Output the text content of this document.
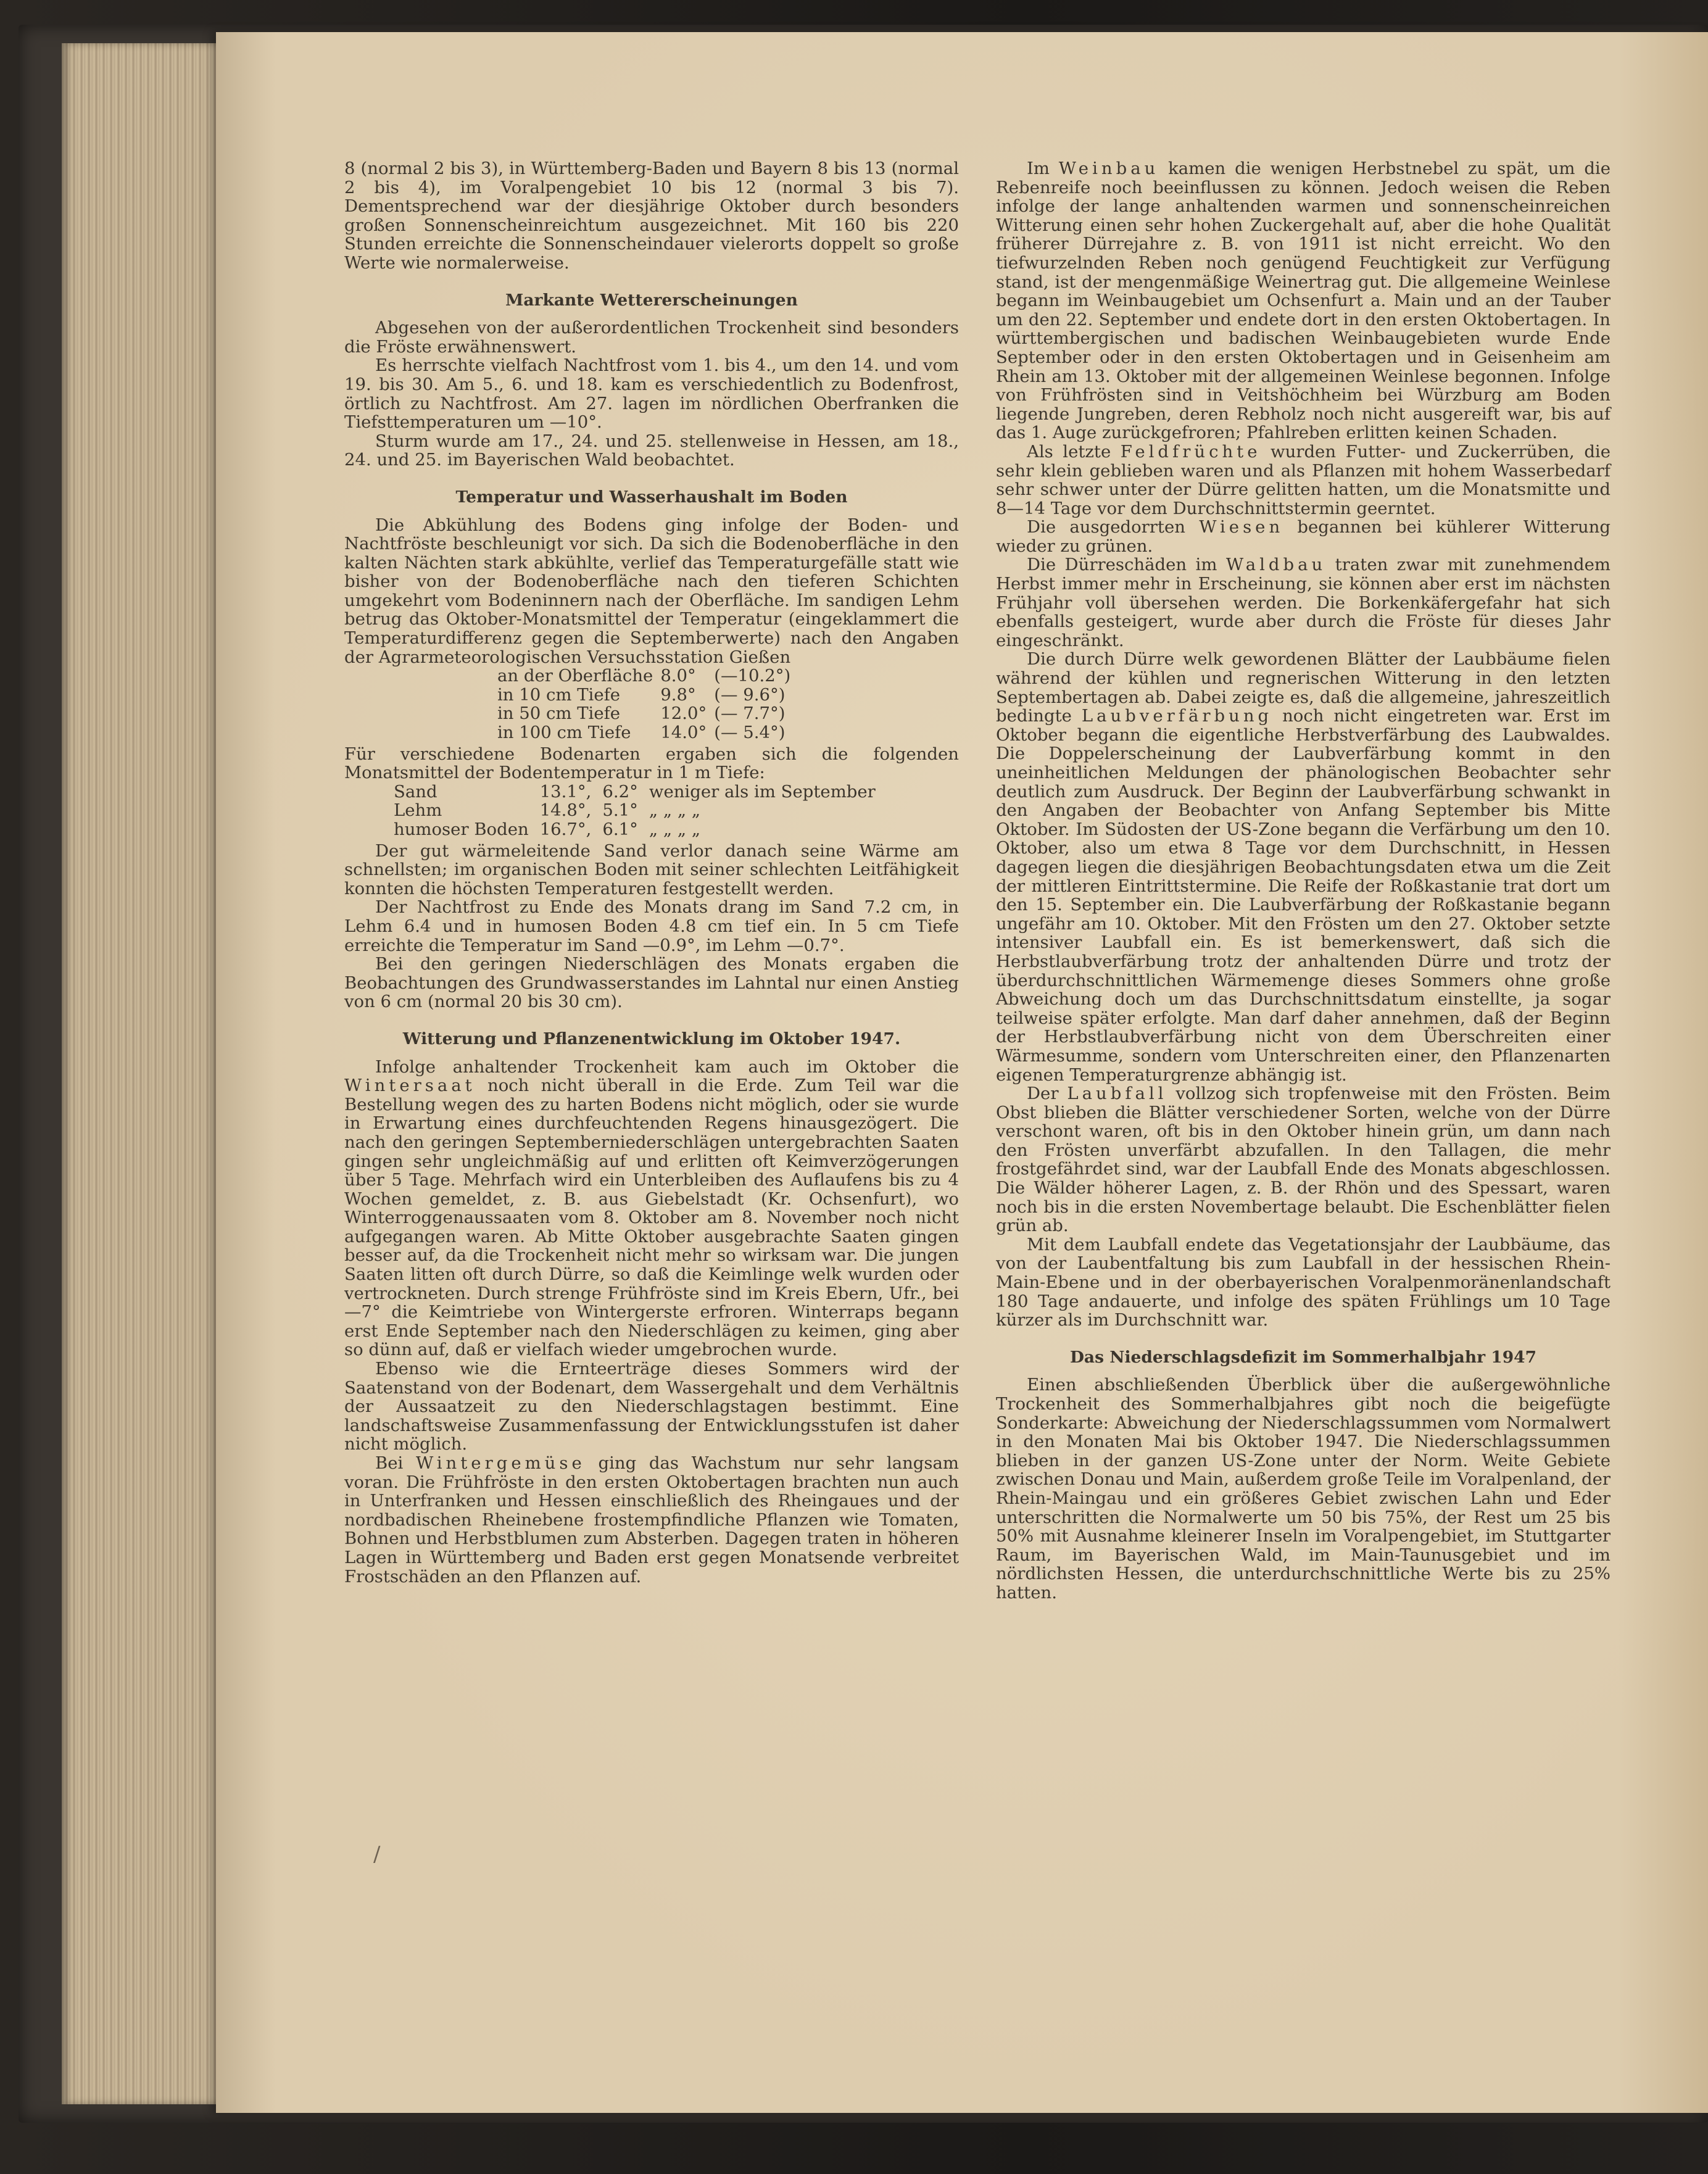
8 (normal 2 bis 3), in Württemberg-Baden und Bayern 8 bis 13 (normal 2 bis 4), im Voralpengebiet 10 bis 12 (normal 3 bis 7). Dementsprechend war der diesjährige Oktober durch besonders großen Sonnenscheinreichtum ausgezeichnet. Mit 160 bis 220 Stunden erreichte die Sonnenscheindauer vielerorts doppelt so große Werte wie normalerweise.

Markante Wettererscheinungen

Abgesehen von der außerordentlichen Trockenheit sind besonders die Fröste erwähnenswert.

Es herrschte vielfach Nachtfrost vom 1. bis 4., um den 14. und vom 19. bis 30. Am 5., 6. und 18. kam es verschiedentlich zu Bodenfrost, örtlich zu Nachtfrost. Am 27. lagen im nördlichen Oberfranken die Tiefsttemperaturen um —10°.

Sturm wurde am 17., 24. und 25. stellenweise in Hessen, am 18., 24. und 25. im Bayerischen Wald beobachtet.

Temperatur und Wasserhaushalt im Boden

Die Abkühlung des Bodens ging infolge der Boden- und Nachtfröste beschleunigt vor sich. Da sich die Bodenoberfläche in den kalten Nächten stark abkühlte, verlief das Temperaturgefälle statt wie bisher von der Bodenoberfläche nach den tieferen Schichten umgekehrt vom Bodeninnern nach der Oberfläche. Im sandigen Lehm betrug das Oktober-Monatsmittel der Temperatur (eingeklammert die Temperaturdifferenz gegen die Septemberwerte) nach den Angaben der Agrarmeteorologischen Versuchsstation Gießen

an der Oberfläche	8.0°	(—10.2°)
in 10 cm Tiefe	9.8°	(— 9.6°)
in 50 cm Tiefe	12.0°	(— 7.7°)
in 100 cm Tiefe	14.0°	(— 5.4°)

Für verschiedene Bodenarten ergaben sich die folgenden Monatsmittel der Bodentemperatur in 1 m Tiefe:

Sand	13.1°,	6.2°	weniger als im September
Lehm	14.8°,	5.1°	„ „ „ „
humoser Boden	16.7°,	6.1°	„ „ „ „

Der gut wärmeleitende Sand verlor danach seine Wärme am schnellsten; im organischen Boden mit seiner schlechten Leitfähigkeit konnten die höchsten Temperaturen festgestellt werden.

Der Nachtfrost zu Ende des Monats drang im Sand 7.2 cm, in Lehm 6.4 und in humosen Boden 4.8 cm tief ein. In 5 cm Tiefe erreichte die Temperatur im Sand —0.9°, im Lehm —0.7°.

Bei den geringen Niederschlägen des Monats ergaben die Beobachtungen des Grundwasserstandes im Lahntal nur einen Anstieg von 6 cm (normal 20 bis 30 cm).

Witterung und Pflanzenentwicklung im Oktober 1947.

Infolge anhaltender Trockenheit kam auch im Oktober die Wintersaat noch nicht überall in die Erde. Zum Teil war die Bestellung wegen des zu harten Bodens nicht möglich, oder sie wurde in Erwartung eines durchfeuchtenden Regens hinausgezögert. Die nach den geringen Septemberniederschlägen untergebrachten Saaten gingen sehr ungleichmäßig auf und erlitten oft Keimverzögerungen über 5 Tage. Mehrfach wird ein Unterbleiben des Auflaufens bis zu 4 Wochen gemeldet, z. B. aus Giebelstadt (Kr. Ochsenfurt), wo Winterroggenaussaaten vom 8. Oktober am 8. November noch nicht aufgegangen waren. Ab Mitte Oktober ausgebrachte Saaten gingen besser auf, da die Trockenheit nicht mehr so wirksam war. Die jungen Saaten litten oft durch Dürre, so daß die Keimlinge welk wurden oder vertrockneten. Durch strenge Frühfröste sind im Kreis Ebern, Ufr., bei —7° die Keimtriebe von Wintergerste erfroren. Winterraps begann erst Ende September nach den Niederschlägen zu keimen, ging aber so dünn auf, daß er vielfach wieder umgebrochen wurde.

Ebenso wie die Ernteerträge dieses Sommers wird der Saatenstand von der Bodenart, dem Wassergehalt und dem Verhältnis der Aussaatzeit zu den Niederschlagstagen bestimmt. Eine landschaftsweise Zusammenfassung der Entwicklungsstufen ist daher nicht möglich.

Bei Wintergemüse ging das Wachstum nur sehr langsam voran. Die Frühfröste in den ersten Oktobertagen brachten nun auch in Unterfranken und Hessen einschließlich des Rheingaues und der nordbadischen Rheinebene frostempfindliche Pflanzen wie Tomaten, Bohnen und Herbstblumen zum Absterben. Dagegen traten in höheren Lagen in Württemberg und Baden erst gegen Monatsende verbreitet Frostschäden an den Pflanzen auf.

Im Weinbau kamen die wenigen Herbstnebel zu spät, um die Rebenreife noch beeinflussen zu können. Jedoch weisen die Reben infolge der lange anhaltenden warmen und sonnenscheinreichen Witterung einen sehr hohen Zuckergehalt auf, aber die hohe Qualität früherer Dürrejahre z. B. von 1911 ist nicht erreicht. Wo den tiefwurzelnden Reben noch genügend Feuchtigkeit zur Verfügung stand, ist der mengenmäßige Weinertrag gut. Die allgemeine Weinlese begann im Weinbaugebiet um Ochsenfurt a. Main und an der Tauber um den 22. September und endete dort in den ersten Oktobertagen. In württembergischen und badischen Weinbaugebieten wurde Ende September oder in den ersten Oktobertagen und in Geisenheim am Rhein am 13. Oktober mit der allgemeinen Weinlese begonnen. Infolge von Frühfrösten sind in Veitshöchheim bei Würzburg am Boden liegende Jungreben, deren Rebholz noch nicht ausgereift war, bis auf das 1. Auge zurückgefroren; Pfahlreben erlitten keinen Schaden.

Als letzte Feldfrüchte wurden Futter- und Zuckerrüben, die sehr klein geblieben waren und als Pflanzen mit hohem Wasserbedarf sehr schwer unter der Dürre gelitten hatten, um die Monatsmitte und 8—14 Tage vor dem Durchschnittstermin geerntet.

Die ausgedorrten Wiesen begannen bei kühlerer Witterung wieder zu grünen.

Die Dürreschäden im Waldbau traten zwar mit zunehmendem Herbst immer mehr in Erscheinung, sie können aber erst im nächsten Frühjahr voll übersehen werden. Die Borkenkäfergefahr hat sich ebenfalls gesteigert, wurde aber durch die Fröste für dieses Jahr eingeschränkt.

Die durch Dürre welk gewordenen Blätter der Laubbäume fielen während der kühlen und regnerischen Witterung in den letzten Septembertagen ab. Dabei zeigte es, daß die allgemeine, jahreszeitlich bedingte Laubverfärbung noch nicht eingetreten war. Erst im Oktober begann die eigentliche Herbstverfärbung des Laubwaldes. Die Doppelerscheinung der Laubverfärbung kommt in den uneinheitlichen Meldungen der phänologischen Beobachter sehr deutlich zum Ausdruck. Der Beginn der Laubverfärbung schwankt in den Angaben der Beobachter von Anfang September bis Mitte Oktober. Im Südosten der US-Zone begann die Verfärbung um den 10. Oktober, also um etwa 8 Tage vor dem Durchschnitt, in Hessen dagegen liegen die diesjährigen Beobachtungsdaten etwa um die Zeit der mittleren Eintrittstermine. Die Reife der Roßkastanie trat dort um den 15. September ein. Die Laubverfärbung der Roßkastanie begann ungefähr am 10. Oktober. Mit den Frösten um den 27. Oktober setzte intensiver Laubfall ein. Es ist bemerkenswert, daß sich die Herbstlaubverfärbung trotz der anhaltenden Dürre und trotz der überdurchschnittlichen Wärmemenge dieses Sommers ohne große Abweichung doch um das Durchschnittsdatum einstellte, ja sogar teilweise später erfolgte. Man darf daher annehmen, daß der Beginn der Herbstlaubverfärbung nicht von dem Überschreiten einer Wärmesumme, sondern vom Unterschreiten einer, den Pflanzenarten eigenen Temperaturgrenze abhängig ist.

Der Laubfall vollzog sich tropfenweise mit den Frösten. Beim Obst blieben die Blätter verschiedener Sorten, welche von der Dürre verschont waren, oft bis in den Oktober hinein grün, um dann nach den Frösten unverfärbt abzufallen. In den Tallagen, die mehr frostgefährdet sind, war der Laubfall Ende des Monats abgeschlossen. Die Wälder höherer Lagen, z. B. der Rhön und des Spessart, waren noch bis in die ersten Novembertage belaubt. Die Eschenblätter fielen grün ab.

Mit dem Laubfall endete das Vegetationsjahr der Laubbäume, das von der Laubentfaltung bis zum Laubfall in der hessischen Rhein-Main-Ebene und in der oberbayerischen Voralpenmoränenlandschaft 180 Tage andauerte, und infolge des späten Frühlings um 10 Tage kürzer als im Durchschnitt war.

Das Niederschlagsdefizit im Sommerhalbjahr 1947

Einen abschließenden Überblick über die außergewöhnliche Trockenheit des Sommerhalbjahres gibt noch die beigefügte Sonderkarte: Abweichung der Niederschlagssummen vom Normalwert in den Monaten Mai bis Oktober 1947. Die Niederschlagssummen blieben in der ganzen US-Zone unter der Norm. Weite Gebiete zwischen Donau und Main, außerdem große Teile im Voralpenland, der Rhein-Maingau und ein größeres Gebiet zwischen Lahn und Eder unterschritten die Normalwerte um 50 bis 75%, der Rest um 25 bis 50% mit Ausnahme kleinerer Inseln im Voralpengebiet, im Stuttgarter Raum, im Bayerischen Wald, im Main-Taunusgebiet und im nördlichsten Hessen, die unterdurchschnittliche Werte bis zu 25% hatten.

/
